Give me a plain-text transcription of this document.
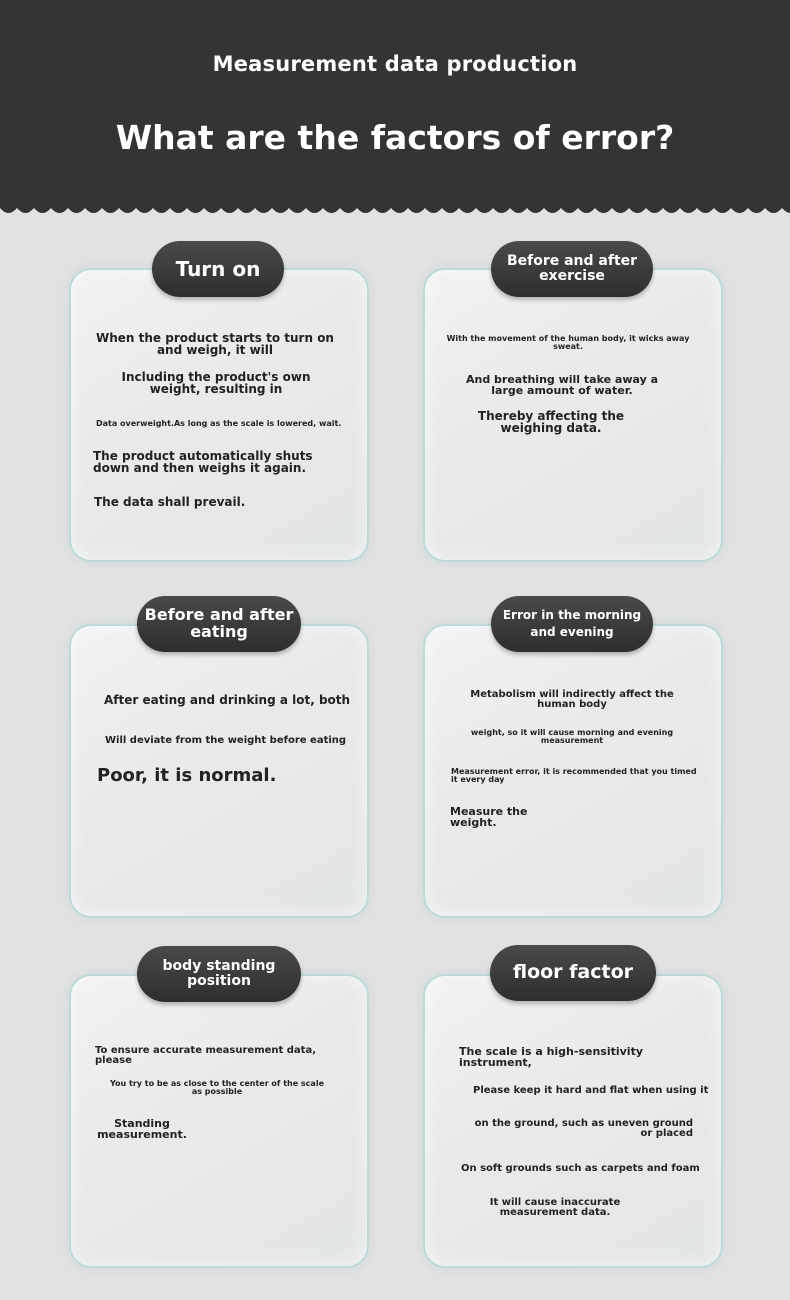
Measurement data production
What are the factors of error?
Turn on
When the product starts to turn on and weigh, it will
Including the product's own weight, resulting in
Data overweight.As long as the scale is lowered, wait.
The product automatically shuts down and then weighs it again.
The data shall prevail.
Before and after exercise
With the movement of the human body, it wicks away sweat.
And breathing will take away a large amount of water.
Thereby affecting the weighing data.
Before and after eating
After eating and drinking a lot, both
Will deviate from the weight before eating
Poor, it is normal.
Error in the morning and evening
Metabolism will indirectly affect the human body
weight, so it will cause morning and evening measurement
Measurement error, it is recommended that you timed it every day
Measure the weight.
body standing position
To ensure accurate measurement data, please
You try to be as close to the center of the scale as possible
Standing measurement.
floor factor
The scale is a high-sensitivity instrument,
Please keep it hard and flat when using it
on the ground, such as uneven ground or placed
On soft grounds such as carpets and foam
It will cause inaccurate measurement data.
